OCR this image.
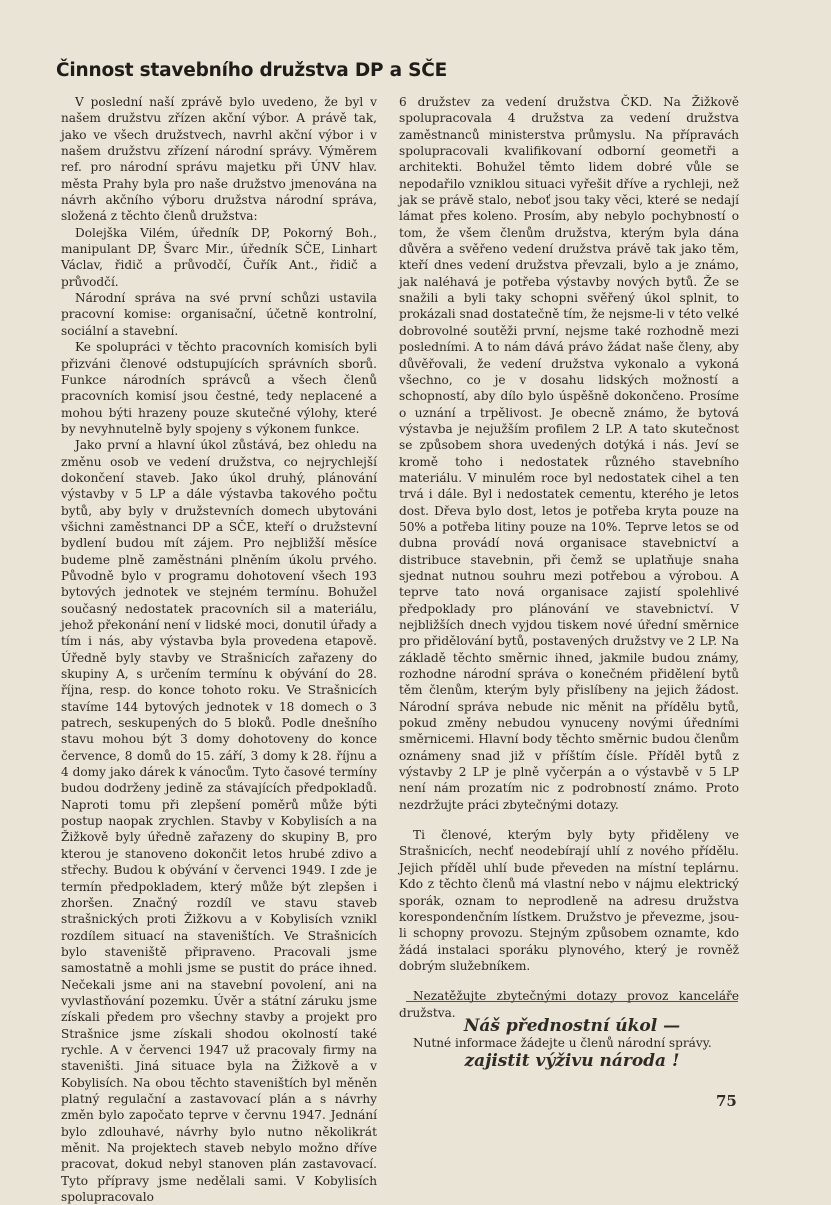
Činnost stavebního družstva DP a SČE

V poslední naší zprávě bylo uvedeno, že byl v našem družstvu zřízen akční výbor. A právě tak, jako ve všech družstvech, navrhl akční výbor i v našem družstvu zřízení národní správy. Výměrem ref. pro národní správu majetku při ÚNV hlav. města Prahy byla pro naše družstvo jmenována na návrh akčního výboru družstva národní správa, složená z těchto členů družstva:

Dolejška Vilém, úředník DP, Pokorný Boh., manipulant DP, Švarc Mir., úředník SČE, Linhart Václav, řidič a průvodčí, Čuřík Ant., řidič a průvodčí.

Národní správa na své první schůzi ustavila pracovní komise: organisační, účetně kontrolní, sociální a stavební.

Ke spolupráci v těchto pracovních komisích byli přizváni členové odstupujících správních sborů. Funkce národních správců a všech členů pracovních komisí jsou čestné, tedy neplacené a mohou býti hrazeny pouze skutečné výlohy, které by nevyhnutelně byly spojeny s výkonem funkce.

Jako první a hlavní úkol zůstává, bez ohledu na změnu osob ve vedení družstva, co nejrychlejší dokončení staveb. Jako úkol druhý, plánování výstavby v 5 LP a dále výstavba takového počtu bytů, aby byly v družstevních domech ubytováni všichni zaměstnanci DP a SČE, kteří o družstevní bydlení budou mít zájem. Pro nejbližší měsíce budeme plně zaměstnáni plněním úkolu prvého. Původně bylo v programu dohotovení všech 193 bytových jednotek ve stejném termínu. Bohužel současný nedostatek pracovních sil a materiálu, jehož překonání není v lidské moci, donutil úřady a tím i nás, aby výstavba byla provedena etapově. Úředně byly stavby ve Strašnicích zařazeny do skupiny A, s určením termínu k obývání do 28. října, resp. do konce tohoto roku. Ve Strašnicích stavíme 144 bytových jednotek v 18 domech o 3 patrech, seskupených do 5 bloků. Podle dnešního stavu mohou být 3 domy dohotoveny do konce července, 8 domů do 15. září, 3 domy k 28. říjnu a 4 domy jako dárek k vánocům. Tyto časové termíny budou dodrženy jedině za stávajících předpokladů. Naproti tomu při zlepšení poměrů může býti postup naopak zrychlen. Stavby v Kobylisích a na Žižkově byly úředně zařazeny do skupiny B, pro kterou je stanoveno dokončit letos hrubé zdivo a střechy. Budou k obývání v červenci 1949. I zde je termín předpokladem, který může být zlepšen i zhoršen. Značný rozdíl ve stavu staveb strašnických proti Žižkovu a v Kobylisích vznikl rozdílem situací na staveništích. Ve Strašnicích bylo staveniště připraveno. Pracovali jsme samostatně a mohli jsme se pustit do práce ihned. Nečekali jsme ani na stavební povolení, ani na vyvlastňování pozemku. Úvěr a státní záruku jsme získali předem pro všechny stavby a projekt pro Strašnice jsme získali shodou okolností také rychle. A v červenci 1947 už pracovaly firmy na staveništi. Jiná situace byla na Žižkově a v Kobylisích. Na obou těchto staveništích byl měněn platný regulační a zastavovací plán a s návrhy změn bylo započato teprve v červnu 1947. Jednání bylo zdlouhavé, návrhy bylo nutno několikrát měnit. Na projektech staveb nebylo možno dříve pracovat, dokud nebyl stanoven plán zastavovací. Tyto přípravy jsme nedělali sami. V Kobylisích spolupracovalo

6 družstev za vedení družstva ČKD. Na Žižkově spolupracovala 4 družstva za vedení družstva zaměstnanců ministerstva průmyslu. Na přípravách spolupracovali kvalifikovaní odborní geometři a architekti. Bohužel těmto lidem dobré vůle se nepodařilo vzniklou situaci vyřešit dříve a rychleji, než jak se právě stalo, neboť jsou taky věci, které se nedají lámat přes koleno. Prosím, aby nebylo pochybností o tom, že všem členům družstva, kterým byla dána důvěra a svěřeno vedení družstva právě tak jako těm, kteří dnes vedení družstva převzali, bylo a je známo, jak naléhavá je potřeba výstavby nových bytů. Že se snažili a byli taky schopni svěřený úkol splnit, to prokázali snad dostatečně tím, že nejsme-li v této velké dobrovolné soutěži první, nejsme také rozhodně mezi posledními. A to nám dává právo žádat naše členy, aby důvěřovali, že vedení družstva vykonalo a vykoná všechno, co je v dosahu lidských možností a schopností, aby dílo bylo úspěšně dokončeno. Prosíme o uznání a trpělivost. Je obecně známo, že bytová výstavba je nejužším profilem 2 LP. A tato skutečnost se způsobem shora uvedených dotýká i nás. Jeví se kromě toho i nedostatek různého stavebního materiálu. V minulém roce byl nedostatek cihel a ten trvá i dále. Byl i nedostatek cementu, kterého je letos dost. Dřeva bylo dost, letos je potřeba kryta pouze na 50% a potřeba litiny pouze na 10%. Teprve letos se od dubna provádí nová organisace stavebnictví a distribuce stavebnin, při čemž se uplatňuje snaha sjednat nutnou souhru mezi potřebou a výrobou. A teprve tato nová organisace zajistí spolehlivé předpoklady pro plánování ve stavebnictví. V nejbližších dnech vyjdou tiskem nové úřední směrnice pro přidělování bytů, postavených družstvy ve 2 LP. Na základě těchto směrnic ihned, jakmile budou známy, rozhodne národní správa o konečném přidělení bytů těm členům, kterým byly přislíbeny na jejich žádost. Národní správa nebude nic měnit na přídělu bytů, pokud změny nebudou vynuceny novými úředními směrnicemi. Hlavní body těchto směrnic budou členům oznámeny snad již v příštím čísle. Příděl bytů z výstavby 2 LP je plně vyčerpán a o výstavbě v 5 LP není nám prozatím nic z podrobností známo. Proto nezdržujte práci zbytečnými dotazy.

Ti členové, kterým byly byty přiděleny ve Strašnicích, nechť neodebírají uhlí z nového přídělu. Jejich příděl uhlí bude převeden na místní teplárnu. Kdo z těchto členů má vlastní nebo v nájmu elektrický sporák, oznam to neprodleně na adresu družstva korespondenčním lístkem. Družstvo je převezme, jsou-li schopny provozu. Stejným způsobem oznamte, kdo žádá instalaci sporáku plynového, který je rovněž dobrým služebníkem.

Nezatěžujte zbytečnými dotazy provoz kanceláře družstva.

Nutné informace žádejte u členů národní správy.

Náš přednostní úkol —
zajistit výživu národa !
75
